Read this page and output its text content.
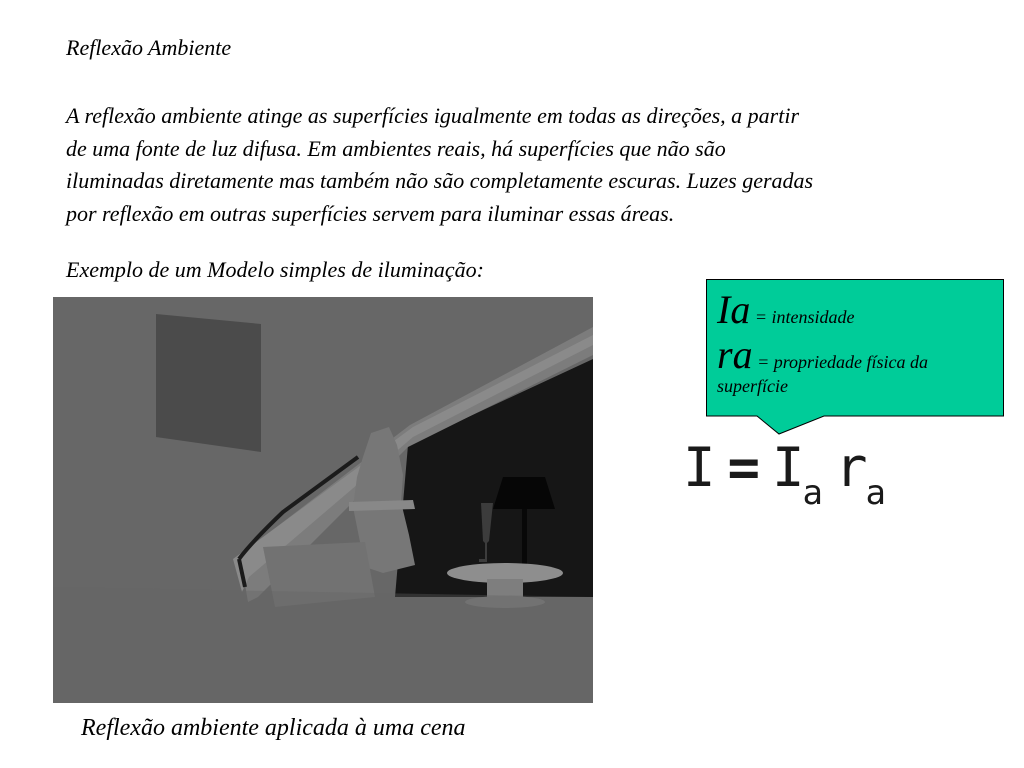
Reflexão Ambiente
A reflexão ambiente atinge as superfícies igualmente em todas as direções, a partir
de uma fonte de luz difusa. Em ambientes reais, há superfícies que não são
iluminadas diretamente mas também não são completamente escuras. Luzes geradas
por reflexão em outras superfícies servem para iluminar essas áreas.
Exemplo de um Modelo simples de iluminação:
Reflexão ambiente aplicada à uma cena
Ia = intensidade
ra = propriedade física da superfície
$I = I_a$ $r_a$
